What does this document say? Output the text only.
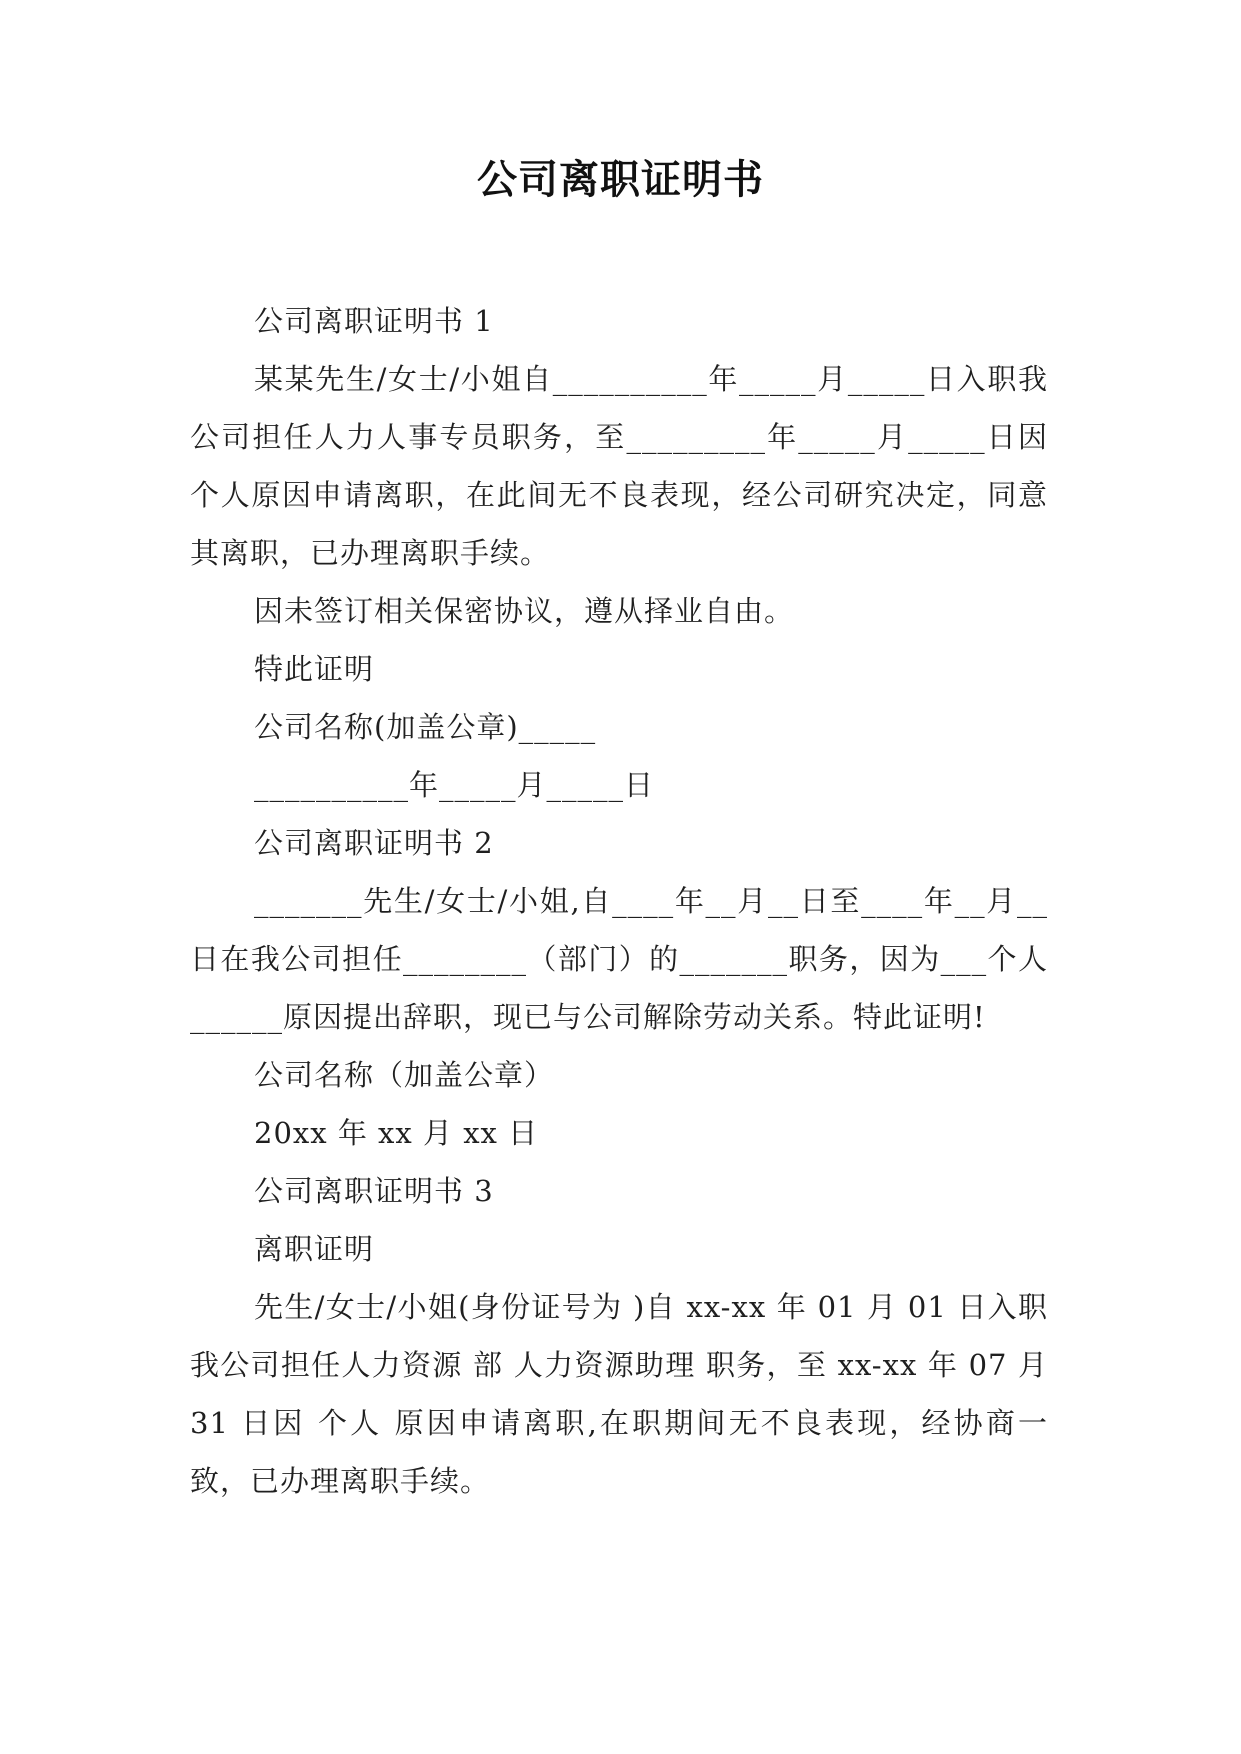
公司离职证明书

公司离职证明书 1

某某先生/女士/小姐自__________年_____月_____日入职我公司担任人力人事专员职务，至_________年_____月_____日因个人原因申请离职，在此间无不良表现，经公司研究决定，同意其离职，已办理离职手续。

因未签订相关保密协议，遵从择业自由。

特此证明

公司名称(加盖公章)_____

__________年_____月_____日

公司离职证明书 2

_______先生/女士/小姐,自____年__月__日至____年__月__日在我公司担任________（部门）的_______职务，因为___个人______原因提出辞职，现已与公司解除劳动关系。特此证明!

公司名称（加盖公章）

20xx 年 xx 月 xx 日

公司离职证明书 3

离职证明

先生/女士/小姐(身份证号为 )自 xx-xx 年 01 月 01 日入职我公司担任人力资源 部 人力资源助理 职务，至 xx-xx 年 07 月 31 日因 个人 原因申请离职,在职期间无不良表现，经协商一致，已办理离职手续。
